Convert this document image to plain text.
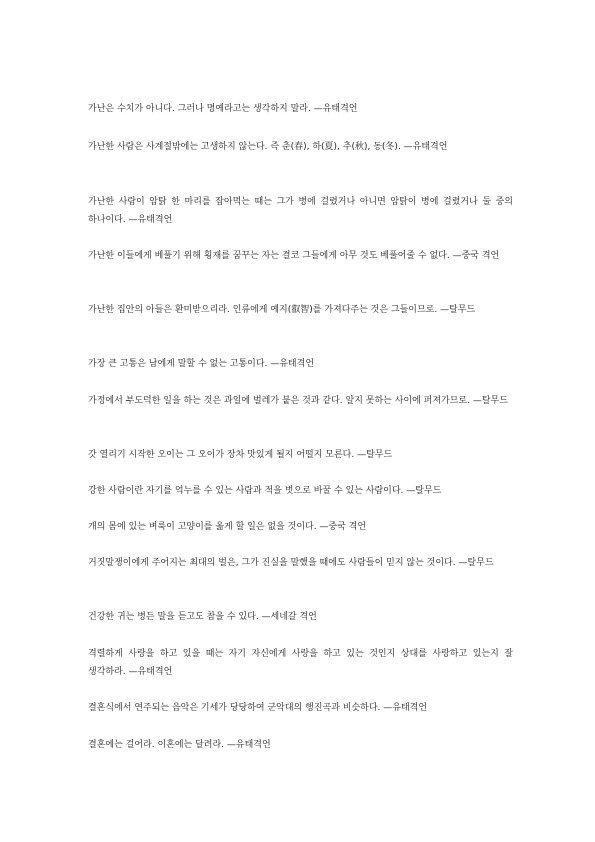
가난은 수치가 아니다. 그러나 명예라고는 생각하지 말라. —유태격언

가난한 사람은 사계절밖에는 고생하지 않는다. 즉 춘(春), 하(夏), 추(秋), 동(冬). —유태격언

가난한 사람이 암탉 한 마리를 잡아먹는 때는 그가 병에 걸렸거나 아니면 암탉이 병에 걸렸거나 둘 중의 하나이다. —유태격언

가난한 이들에게 베풀기 위해 횡재를 꿈꾸는 자는 결코 그들에게 아무 것도 베풀어줄 수 없다. —중국 격언

가난한 집안의 아들은 환미받으리라. 인류에게 예지(叡智)를 가져다주는 것은 그들이므로. —탈무드

가장 큰 고통은 남에게 말할 수 없는 고통이다. —유태격언

가정에서 부도덕한 일을 하는 것은 과일에 벌레가 붙은 것과 같다. 알지 못하는 사이에 퍼져가므로. —탈무드

갓 열리기 시작한 오이는 그 오이가 장차 맛있게 될지 어떨지 모른다. —탈무드

강한 사람이란 자기를 억누를 수 있는 사람과 적을 벗으로 바꿀 수 있는 사람이다. —탈무드

개의 몸에 있는 벼룩이 고양이를 옮게 할 일은 없을 것이다. —중국 격언

거짓말쟁이에게 주어지는 최대의 벌은, 그가 진실을 말했을 때에도 사람들이 믿지 않는 것이다. —탈무드

건강한 귀는 병든 말을 듣고도 참을 수 있다. —세네갈 격언

격렬하게 사랑을 하고 있을 때는 자기 자신에게 사랑을 하고 있는 것인지 상대를 사랑하고 있는지 잘 생각하라. —유태격언

결혼식에서 연주되는 음악은 기세가 당당하여 군악대의 행진곡과 비슷하다. —유태격언

결혼에는 걸어라. 이혼에는 달려라. —유태격언
